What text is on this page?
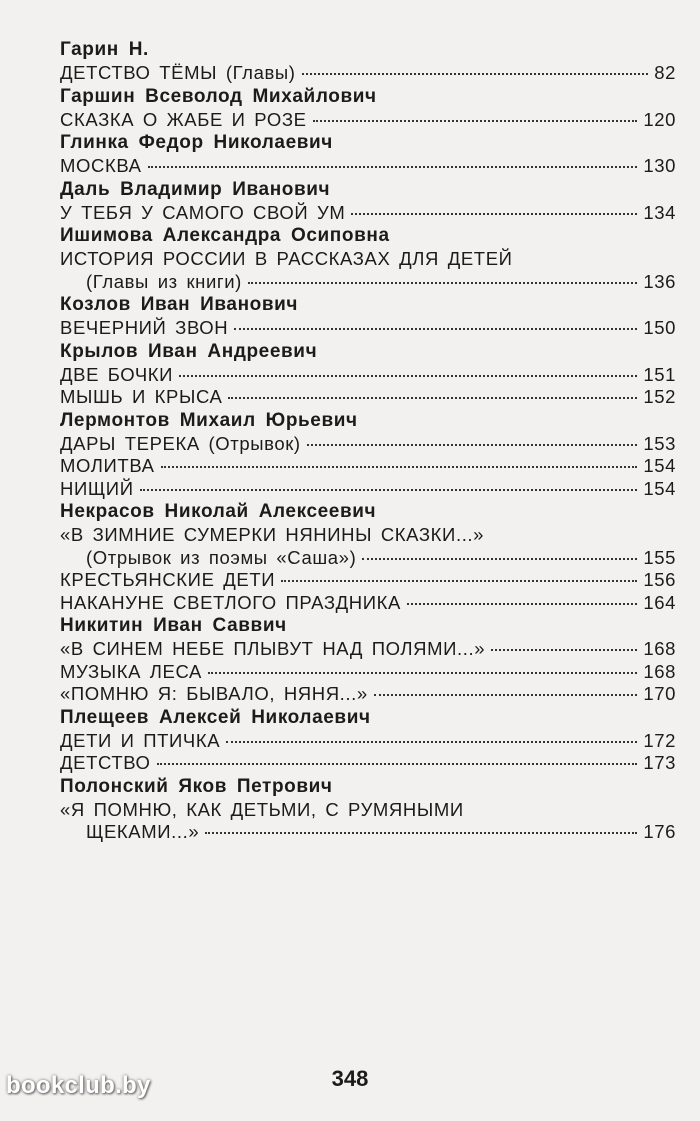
Гарин Н.
ДЕТСТВО ТЁМЫ (Главы)	82
Гаршин Всеволод Михайлович
СКАЗКА О ЖАБЕ И РОЗЕ	120
Глинка Федор Николаевич
МОСКВА	130
Даль Владимир Иванович
У ТЕБЯ У САМОГО СВОЙ УМ	134
Ишимова Александра Осиповна
ИСТОРИЯ РОССИИ В РАССКАЗАХ ДЛЯ ДЕТЕЙ
(Главы из книги)	136
Козлов Иван Иванович
ВЕЧЕРНИЙ ЗВОН	150
Крылов Иван Андреевич
ДВЕ БОЧКИ	151
МЫШЬ И КРЫСА	152
Лермонтов Михаил Юрьевич
ДАРЫ ТЕРЕКА (Отрывок)	153
МОЛИТВА	154
НИЩИЙ	154
Некрасов Николай Алексеевич
«В ЗИМНИЕ СУМЕРКИ НЯНИНЫ СКАЗКИ...»
(Отрывок из поэмы «Саша»)	155
КРЕСТЬЯНСКИЕ ДЕТИ	156
НАКАНУНЕ СВЕТЛОГО ПРАЗДНИКА	164
Никитин Иван Саввич
«В СИНЕМ НЕБЕ ПЛЫВУТ НАД ПОЛЯМИ...»	168
МУЗЫКА ЛЕСА	168
«ПОМНЮ Я: БЫВАЛО, НЯНЯ...»	170
Плещеев Алексей Николаевич
ДЕТИ И ПТИЧКА	172
ДЕТСТВО	173
Полонский Яков Петрович
«Я ПОМНЮ, КАК ДЕТЬМИ, С РУМЯНЫМИ
ЩЕКАМИ...»	176
348
bookclub.by
